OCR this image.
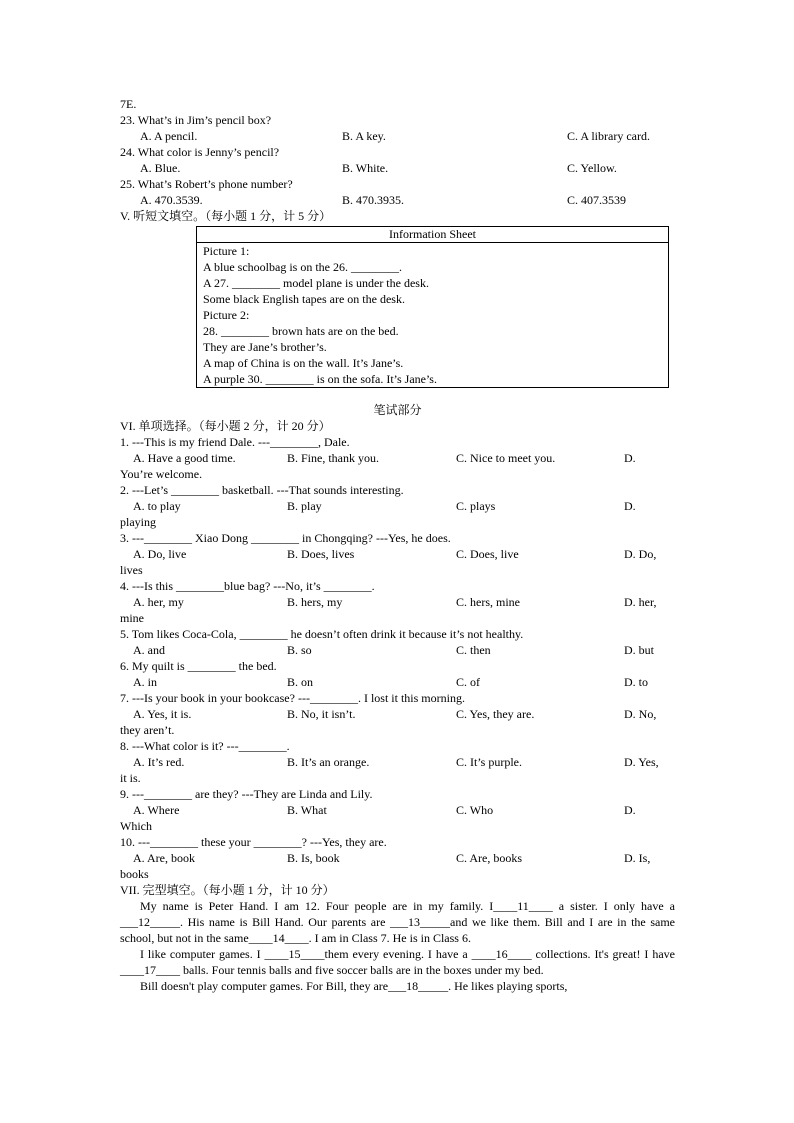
7E.
23. What’s in Jim’s pencil box?
A. A pencil.	B. A key.	C. A library card.
24. What color is Jenny’s pencil?
A. Blue.	B. White.	C. Yellow.
25. What’s Robert’s phone number?
A. 470.3539.	B. 470.3935.	C. 407.3539
V. 听短文填空。（每小题 1 分，计 5 分）
Information Sheet
Picture 1:
A blue schoolbag is on the 26. ________.
A 27. ________ model plane is under the desk.
Some black English tapes are on the desk.
Picture 2:
28. ________ brown hats are on the bed.
They are Jane’s brother’s.
A map of China is on the wall. It’s Jane’s.
A purple 30. ________ is on the sofa. It’s Jane’s.
笔试部分
VI. 单项选择。（每小题 2 分，计 20 分）
1. ---This is my friend Dale. ---________, Dale.
A. Have a good time.	B. Fine, thank you.	C. Nice to meet you.	D.
You’re welcome.
2. ---Let’s ________ basketball. ---That sounds interesting.
A. to play	B. play	C. plays	D.
playing
3. ---________ Xiao Dong ________ in Chongqing? ---Yes, he does.
A. Do, live	B. Does, lives	C. Does, live	D. Do,
lives
4. ---Is this ________blue bag? ---No, it’s ________.
A. her, my	B. hers, my	C. hers, mine	D. her,
mine
5. Tom likes Coca-Cola, ________ he doesn’t often drink it because it’s not healthy.
A. and	B. so	C. then	D. but
6. My quilt is ________ the bed.
A. in	B. on	C. of	D. to
7. ---Is your book in your bookcase? ---________. I lost it this morning.
A. Yes, it is.	B. No, it isn’t.	C. Yes, they are.	D. No,
they aren’t.
8. ---What color is it? ---________.
A. It’s red.	B. It’s an orange.	C. It’s purple.	D. Yes,
it is.
9. ---________ are they? ---They are Linda and Lily.
A. Where	B. What	C. Who	D.
Which
10. ---________ these your ________? ---Yes, they are.
A. Are, book	B. Is, book	C. Are, books	D. Is,
books
VII. 完型填空。（每小题 1 分，计 10 分）

My name is Peter Hand. I am 12. Four people are in my family. I____11____ a sister. I only have a ___12_____. His name is Bill Hand. Our parents are ___13_____and we like them. Bill and I are in the same school, but not in the same____14____. I am in Class 7. He is in Class 6.

I like computer games. I ____15____them every evening. I have a ____16____ collections. It's great! I have ____17____ balls. Four tennis balls and five soccer balls are in the boxes under my bed.

Bill doesn't play computer games. For Bill, they are___18_____. He likes playing sports,
